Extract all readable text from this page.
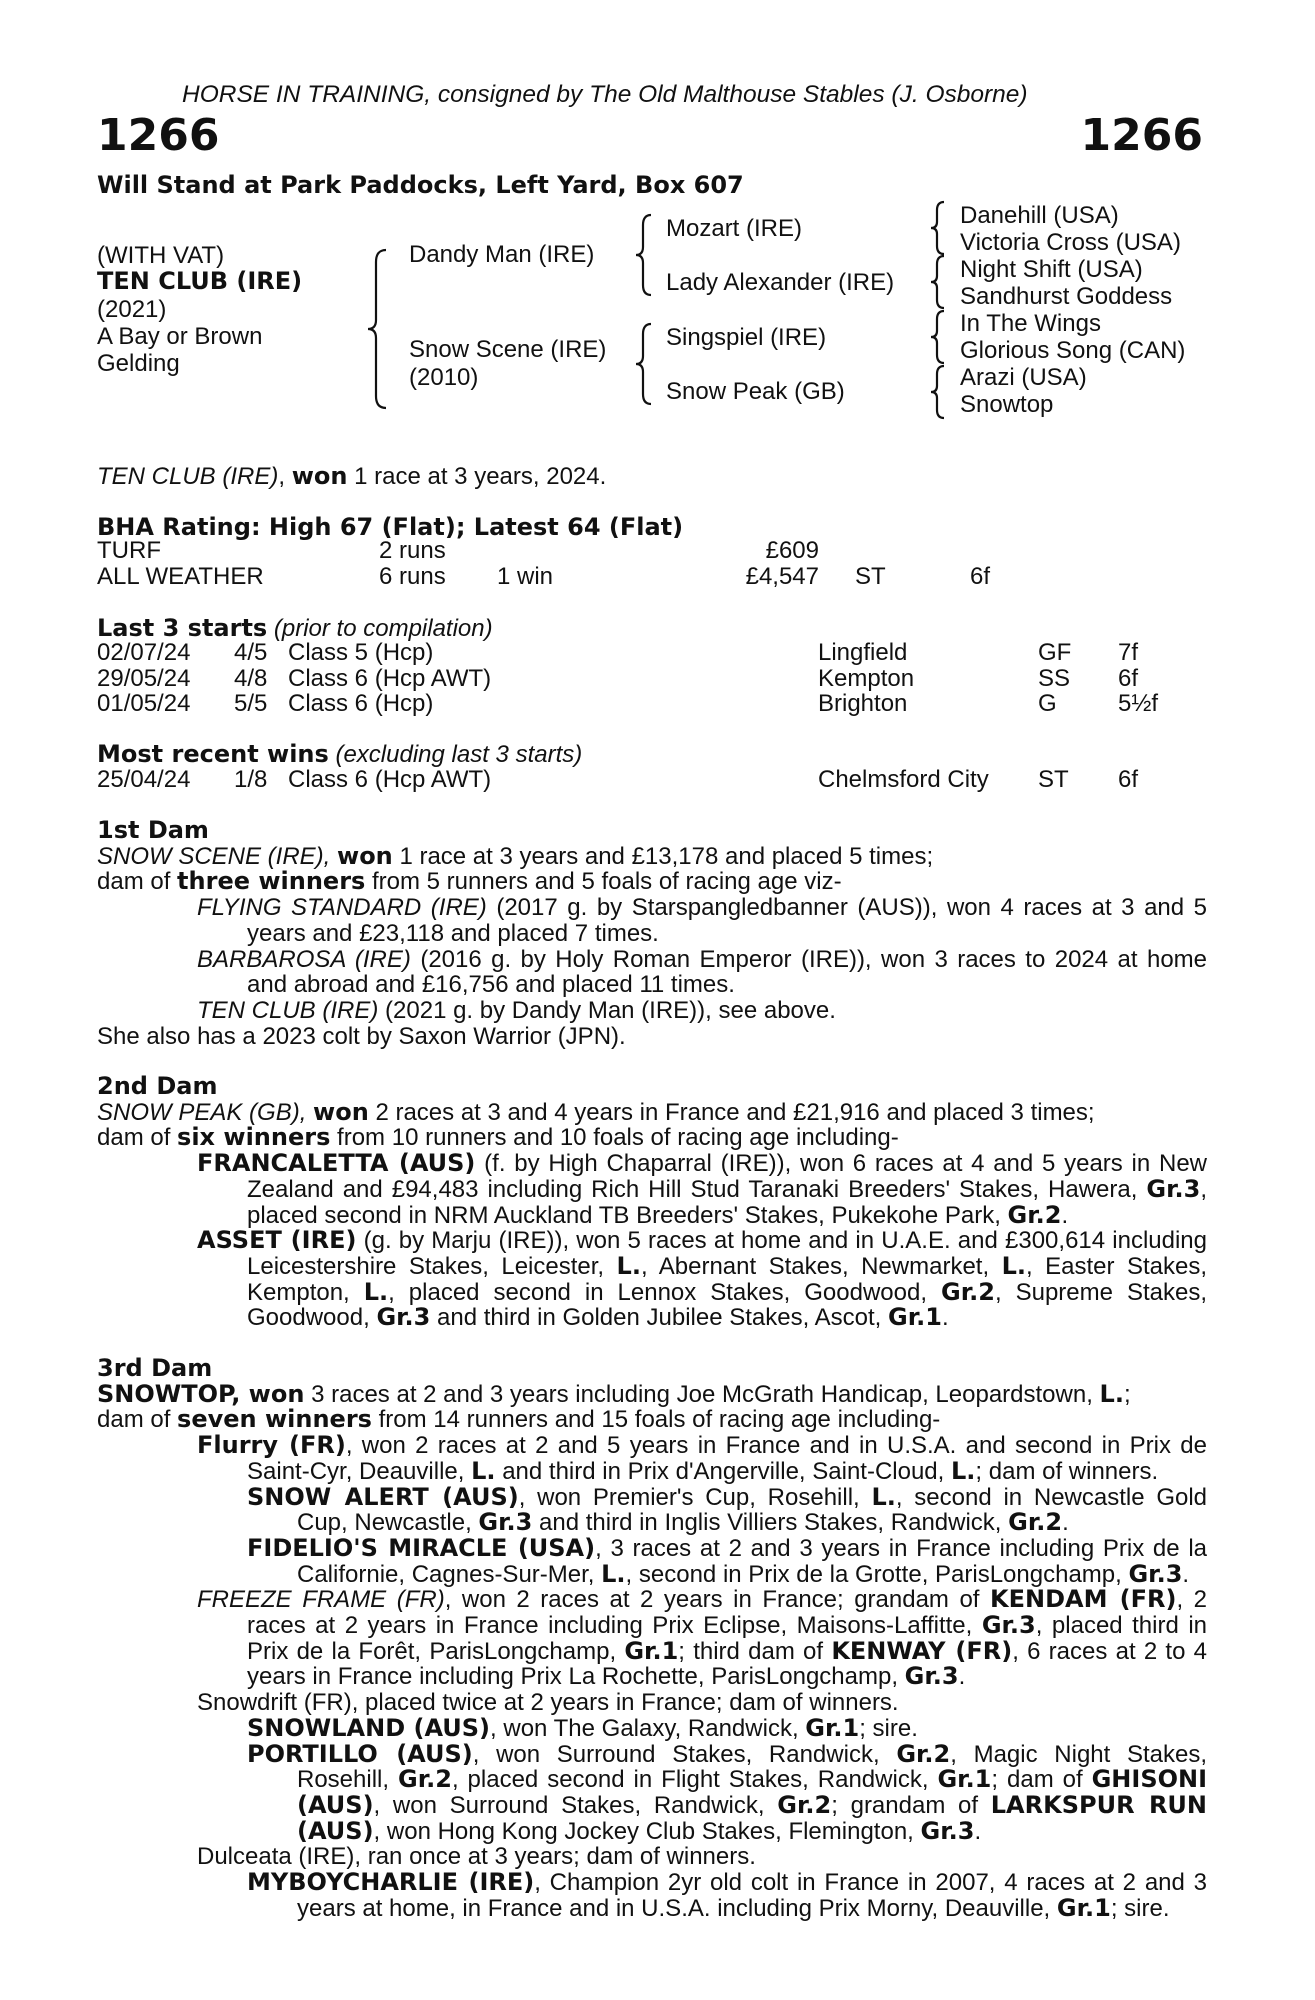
HORSE IN TRAINING, consigned by The Old Malthouse Stables (J. Osborne)
1266	1266
Will Stand at Park Paddocks, Left Yard, Box 607
(WITH VAT)
TEN CLUB (IRE)
(2021)
A Bay or Brown
Gelding
Dandy Man (IRE)
Snow Scene (IRE)
(2010)
Mozart (IRE)
Lady Alexander (IRE)
Singspiel (IRE)
Snow Peak (GB)
Danehill (USA)
Victoria Cross (USA)
Night Shift (USA)
Sandhurst Goddess
In The Wings
Glorious Song (CAN)
Arazi (USA)
Snowtop
TEN CLUB (IRE), won 1 race at 3 years, 2024.
BHA Rating: High 67 (Flat); Latest 64 (Flat)
TURF	2 runs	£609
ALL WEATHER	6 runs 1 win	£4,547 ST	6f
Last 3 starts (prior to compilation)
02/07/24 4/5 Class 5 (Hcp)	Lingfield	GF 7f
29/05/24 4/8 Class 6 (Hcp AWT)	Kempton	SS 6f
01/05/24 5/5 Class 6 (Hcp)	Brighton	G	5½f
Most recent wins (excluding last 3 starts)
25/04/24 1/8 Class 6 (Hcp AWT)	Chelmsford City ST 6f

1st Dam

SNOW SCENE (IRE), won 1 race at 3 years and £13,178 and placed 5 times;

dam of three winners from 5 runners and 5 foals of racing age viz-

FLYING STANDARD (IRE) (2017 g. by Starspangledbanner (AUS)), won 4 races at 3 and 5 years and £23,118 and placed 7 times.

BARBAROSA (IRE) (2016 g. by Holy Roman Emperor (IRE)), won 3 races to 2024 at home and abroad and £16,756 and placed 11 times.

TEN CLUB (IRE) (2021 g. by Dandy Man (IRE)), see above.

She also has a 2023 colt by Saxon Warrior (JPN).

2nd Dam

SNOW PEAK (GB), won 2 races at 3 and 4 years in France and £21,916 and placed 3 times;

dam of six winners from 10 runners and 10 foals of racing age including-

FRANCALETTA (AUS) (f. by High Chaparral (IRE)), won 6 races at 4 and 5 years in New Zealand and £94,483 including Rich Hill Stud Taranaki Breeders' Stakes, Hawera, Gr.3, placed second in NRM Auckland TB Breeders' Stakes, Pukekohe Park, Gr.2.

ASSET (IRE) (g. by Marju (IRE)), won 5 races at home and in U.A.E. and £300,614 including Leicestershire Stakes, Leicester, L., Abernant Stakes, Newmarket, L., Easter Stakes, Kempton, L., placed second in Lennox Stakes, Goodwood, Gr.2, Supreme Stakes, Goodwood, Gr.3 and third in Golden Jubilee Stakes, Ascot, Gr.1.

3rd Dam

SNOWTOP, won 3 races at 2 and 3 years including Joe McGrath Handicap, Leopardstown, L.;

dam of seven winners from 14 runners and 15 foals of racing age including-

Flurry (FR), won 2 races at 2 and 5 years in France and in U.S.A. and second in Prix de Saint-Cyr, Deauville, L. and third in Prix d'Angerville, Saint-Cloud, L.; dam of winners.

SNOW ALERT (AUS), won Premier's Cup, Rosehill, L., second in Newcastle Gold Cup, Newcastle, Gr.3 and third in Inglis Villiers Stakes, Randwick, Gr.2.

FIDELIO'S MIRACLE (USA), 3 races at 2 and 3 years in France including Prix de la Californie, Cagnes-Sur-Mer, L., second in Prix de la Grotte, ParisLongchamp, Gr.3.

FREEZE FRAME (FR), won 2 races at 2 years in France; grandam of KENDAM (FR), 2 races at 2 years in France including Prix Eclipse, Maisons-Laffitte, Gr.3, placed third in Prix de la Forêt, ParisLongchamp, Gr.1; third dam of KENWAY (FR), 6 races at 2 to 4 years in France including Prix La Rochette, ParisLongchamp, Gr.3.

Snowdrift (FR), placed twice at 2 years in France; dam of winners.

SNOWLAND (AUS), won The Galaxy, Randwick, Gr.1; sire.

PORTILLO (AUS), won Surround Stakes, Randwick, Gr.2, Magic Night Stakes, Rosehill, Gr.2, placed second in Flight Stakes, Randwick, Gr.1; dam of GHISONI (AUS), won Surround Stakes, Randwick, Gr.2; grandam of LARKSPUR RUN (AUS), won Hong Kong Jockey Club Stakes, Flemington, Gr.3.

Dulceata (IRE), ran once at 3 years; dam of winners.

MYBOYCHARLIE (IRE), Champion 2yr old colt in France in 2007, 4 races at 2 and 3 years at home, in France and in U.S.A. including Prix Morny, Deauville, Gr.1; sire.
